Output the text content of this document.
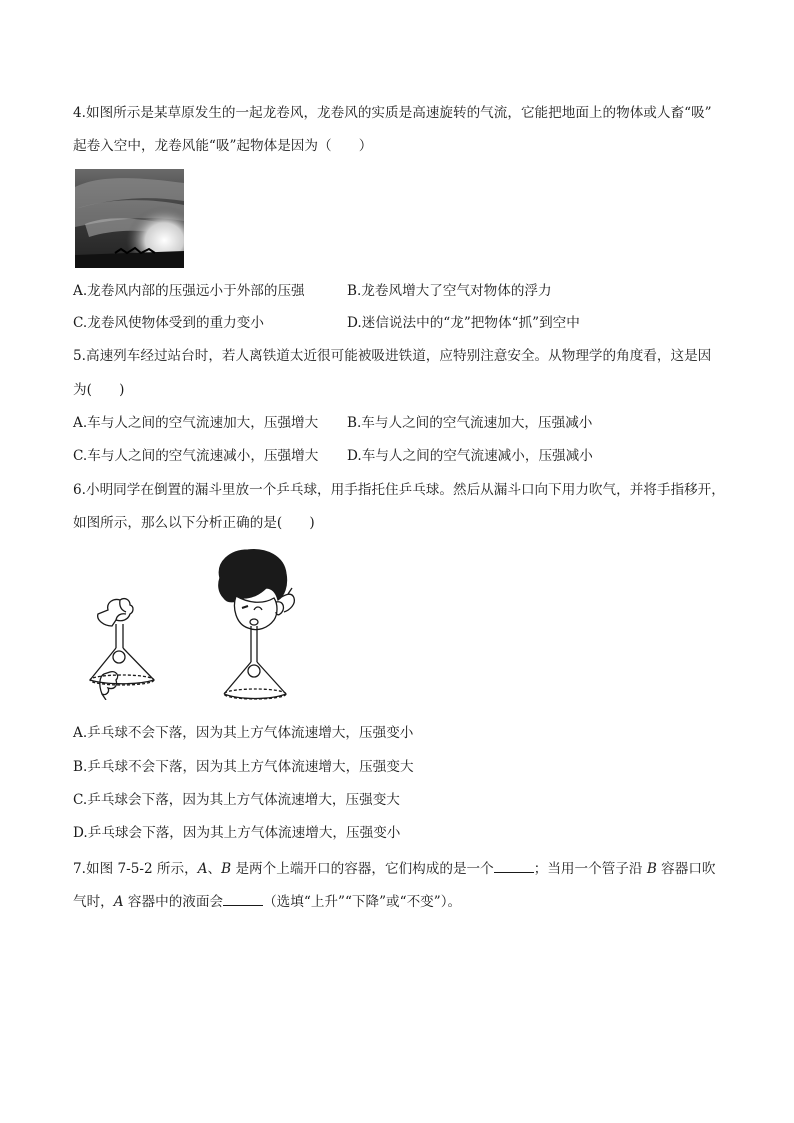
4.如图所示是某草原发生的一起龙卷风，龙卷风的实质是高速旋转的气流，它能把地面上的物体或人畜“吸”
起卷入空中，龙卷风能“吸”起物体是因为（　　）
A.龙卷风内部的压强远小于外部的压强	B.龙卷风增大了空气对物体的浮力
C.龙卷风使物体受到的重力变小	D.迷信说法中的“龙”把物体“抓”到空中
5.高速列车经过站台时，若人离铁道太近很可能被吸进铁道，应特别注意安全。从物理学的角度看，这是因
为(　　)
A.车与人之间的空气流速加大，压强增大 B.车与人之间的空气流速加大，压强减小
C.车与人之间的空气流速减小，压强增大 D.车与人之间的空气流速减小，压强减小
6.小明同学在倒置的漏斗里放一个乒乓球，用手指托住乒乓球。然后从漏斗口向下用力吹气，并将手指移开，
如图所示，那么以下分析正确的是(　　)
A.乒乓球不会下落，因为其上方气体流速增大，压强变小
B.乒乓球不会下落，因为其上方气体流速增大，压强变大
C.乒乓球会下落，因为其上方气体流速增大，压强变大
D.乒乓球会下落，因为其上方气体流速增大，压强变小
7.如图 7-5-2 所示，A、B 是两个上端开口的容器，它们构成的是一个	；当用一个管子沿 B 容器口吹
气时，A 容器中的液面会	（选填“上升”“下降”或“不变”）。
